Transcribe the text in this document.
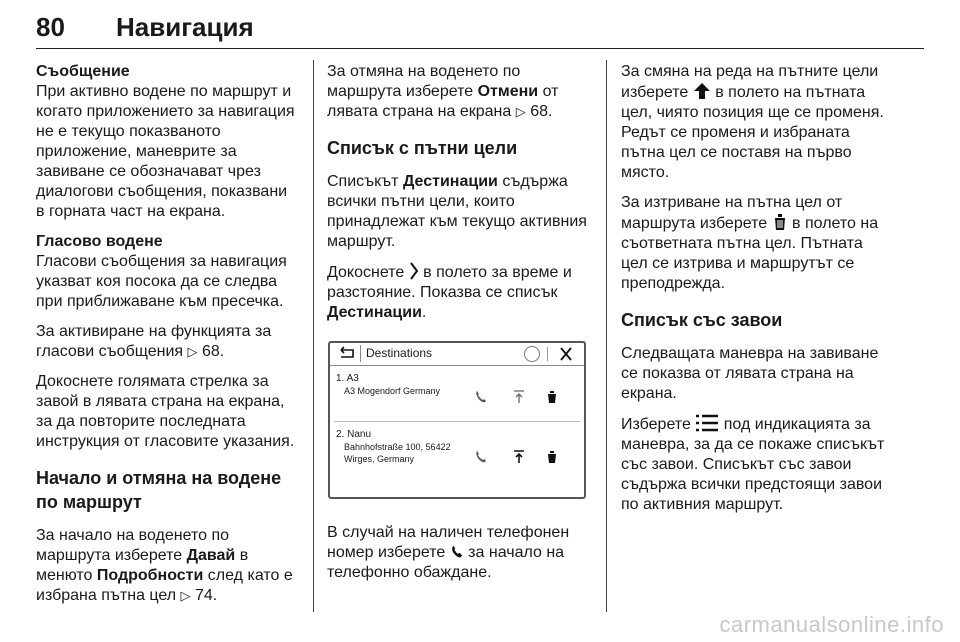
80 Навигация

Съобщение

При активно водене по маршрут и когато приложението за навигация не е текущо показваното приложение, маневрите за завиване се обозначават чрез диалогови съобщения, показвани в горната част на екрана.

Гласово водене

Гласови съобщения за навигация указват коя посока да се следва при приближаване към пресечка.

За активиране на функцията за гласови съобщения ▷ 68.

Докоснете голямата стрелка за завой в лявата страна на екрана, за да повторите последната инструкция от гласовите указания.

Начало и отмяна на водене по маршрут

За начало на воденето по маршрута изберете Давай в менюто Подробности след като е избрана пътна цел ▷ 74.

За отмяна на воденето по маршрута изберете Отмени от лявата страна на екрана ▷ 68.

Списък с пътни цели

Списъкът Дестинации съдържа всички пътни цели, които принадлежат към текущо активния маршрут.

Докоснете в полето за време и разстояние. Показва се списък Дестинации.

Destinations
1. A3
A3 Mogendorf Germany
2. Nanu
Bahnhofstraße 100, 56422 Wirges, Germany

В случай на наличен телефонен номер изберете за начало на телефонно обаждане.

За смяна на реда на пътните цели изберете в полето на пътната цел, чиято позиция ще се променя. Редът се променя и избраната пътна цел се поставя на първо място.

За изтриване на пътна цел от маршрута изберете в полето на съответната пътна цел. Пътната цел се изтрива и маршрутът се преподрежда.

Списък със завои

Следващата маневра на завиване се показва от лявата страна на екрана.

Изберете под индикацията за маневра, за да се покаже списъкът със завои. Списъкът със завои съдържа всички предстоящи завои по активния маршрут.

carmanualsonline.info
